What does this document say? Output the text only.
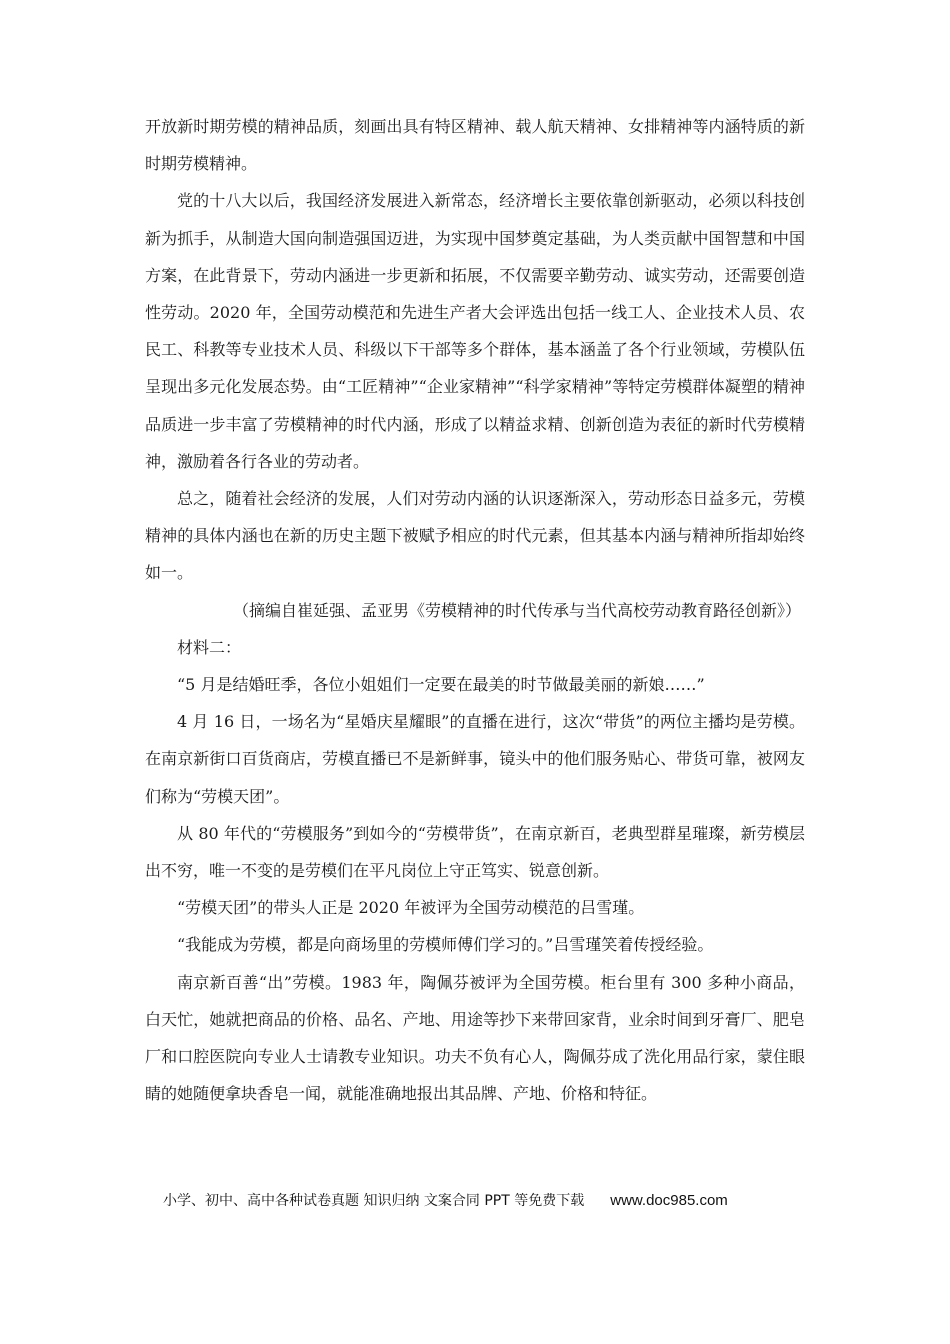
开放新时期劳模的精神品质，刻画出具有特区精神、载人航天精神、女排精神等内涵特质的新时期劳模精神。

党的十八大以后，我国经济发展进入新常态，经济增长主要依靠创新驱动，必须以科技创新为抓手，从制造大国向制造强国迈进，为实现中国梦奠定基础，为人类贡献中国智慧和中国方案，在此背景下，劳动内涵进一步更新和拓展，不仅需要辛勤劳动、诚实劳动，还需要创造性劳动。2020 年，全国劳动模范和先进生产者大会评选出包括一线工人、企业技术人员、农民工、科教等专业技术人员、科级以下干部等多个群体，基本涵盖了各个行业领域，劳模队伍呈现出多元化发展态势。由“工匠精神”“企业家精神”“科学家精神”等特定劳模群体凝塑的精神品质进一步丰富了劳模精神的时代内涵，形成了以精益求精、创新创造为表征的新时代劳模精神，激励着各行各业的劳动者。

总之，随着社会经济的发展，人们对劳动内涵的认识逐渐深入，劳动形态日益多元，劳模精神的具体内涵也在新的历史主题下被赋予相应的时代元素，但其基本内涵与精神所指却始终如一。

（摘编自崔延强、孟亚男《劳模精神的时代传承与当代高校劳动教育路径创新》）

材料二：

“5 月是结婚旺季，各位小姐姐们一定要在最美的时节做最美丽的新娘……”

4 月 16 日，一场名为“星婚庆星耀眼”的直播在进行，这次“带货”的两位主播均是劳模。在南京新街口百货商店，劳模直播已不是新鲜事，镜头中的他们服务贴心、带货可靠，被网友们称为“劳模天团”。

从 80 年代的“劳模服务”到如今的“劳模带货”，在南京新百，老典型群星璀璨，新劳模层出不穷，唯一不变的是劳模们在平凡岗位上守正笃实、锐意创新。

“劳模天团”的带头人正是 2020 年被评为全国劳动模范的吕雪瑾。

“我能成为劳模，都是向商场里的劳模师傅们学习的。”吕雪瑾笑着传授经验。

南京新百善“出”劳模。1983 年，陶佩芬被评为全国劳模。柜台里有 300 多种小商品，白天忙，她就把商品的价格、品名、产地、用途等抄下来带回家背，业余时间到牙膏厂、肥皂厂和口腔医院向专业人士请教专业知识。功夫不负有心人，陶佩芬成了洗化用品行家，蒙住眼睛的她随便拿块香皂一闻，就能准确地报出其品牌、产地、价格和特征。

小学、初中、高中各种试卷真题 知识归纳 文案合同 PPT 等免费下载 www.doc985.com
